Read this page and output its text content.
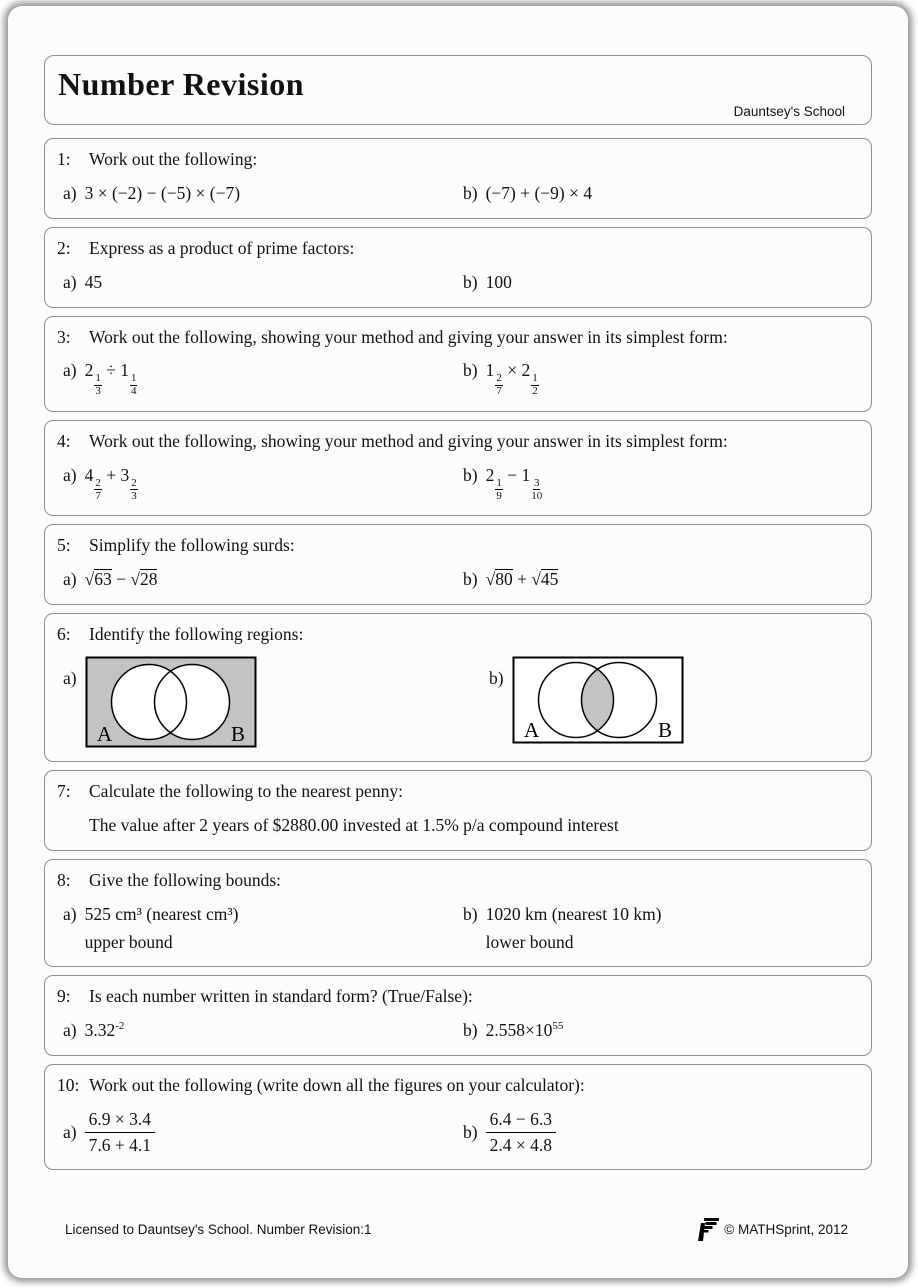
Number Revision
Dauntsey's School
1:	Work out the following:
a) 3 × (−2) − (−5) × (−7)	b) (−7) + (−9) × 4
2:	Express as a product of prime factors:
a) 45	b) 100
3:	Work out the following, showing your method and giving your answer in its simplest form:
a) 2
$\frac{1}{3}$
÷ 1
$\frac{1}{4}$
b) 1
$\frac{2}{7}$
× 2
$\frac{1}{2}$
4:	Work out the following, showing your method and giving your answer in its simplest form:
a) 4
$\frac{2}{7}$
+ 3
$\frac{2}{3}$
b) 2
$\frac{1}{9}$
− 1
$\frac{3}{10}$
5:	Simplify the following surds:
a) √63 − √28	b) √80 + √45
6:	Identify the following regions:
a)
A	B
b)
A	B
7:	Calculate the following to the nearest penny:
The value after 2 years of $2880.00 invested at 1.5% p/a compound interest
8:	Give the following bounds:
a) 525 cm³ (nearest cm³)
upper bound
b) 1020 km (nearest 10 km)
lower bound
9:	Is each number written in standard form? (True/False):
a) $3.32^{-2}$	b) $2.558\times 10^{55}$
10: Work out the following (write down all the figures on your calculator):
$a) \frac{6.9 \times 3.4}{7.6 + 4.1}$	$b) \frac{6.4 - 6.3}{2.4 \times 4.8}$
Licensed to Dauntsey's School. Number Revision:1	© MATHSprint, 2012
